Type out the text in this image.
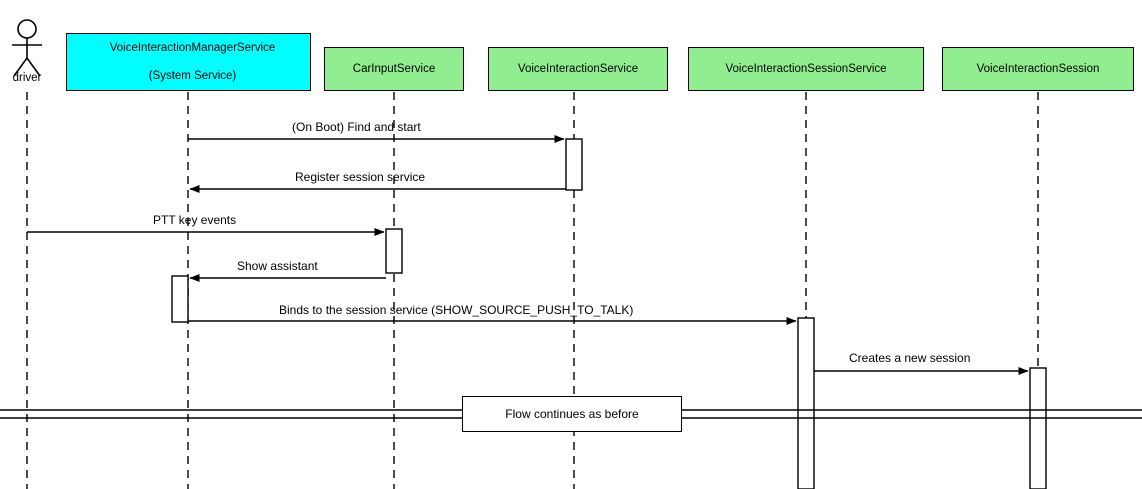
driver
VoiceInteractionManagerService

(System Service)
CarInputService	VoiceInteractionService	VoiceInteractionSessionService	VoiceInteractionSession
(On Boot) Find and start
Register session service
PTT key events
Show assistant
Binds to the session service (SHOW_SOURCE_PUSH_TO_TALK)
Creates a new session
Flow continues as before
